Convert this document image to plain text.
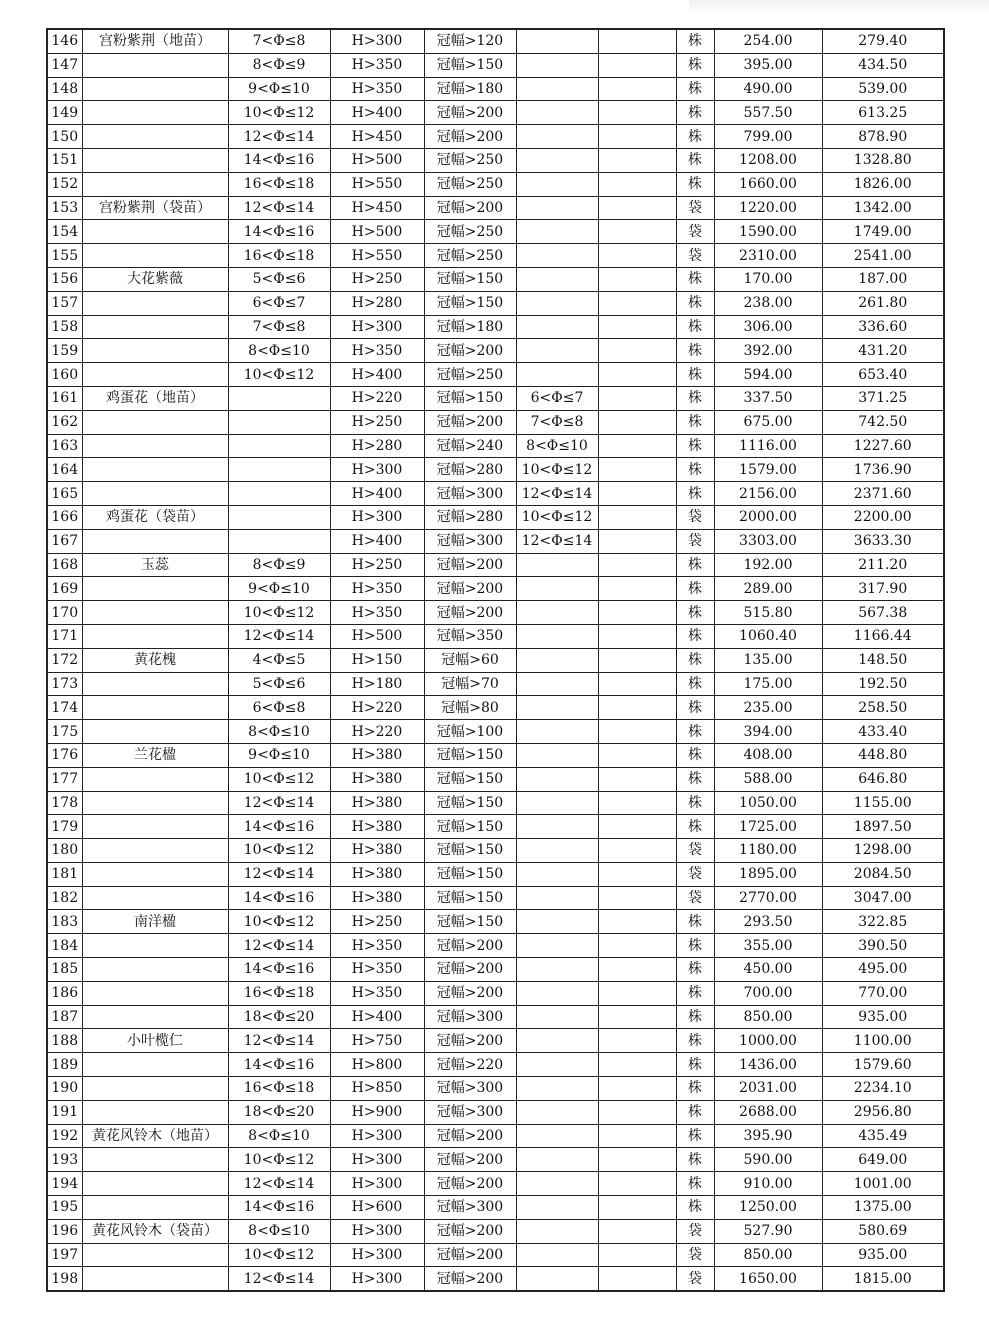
146	宫粉紫荆（地苗）	7<Φ≤8	H>300	冠幅>120			株	254.00	279.40
147		8<Φ≤9	H>350	冠幅>150			株	395.00	434.50
148		9<Φ≤10	H>350	冠幅>180			株	490.00	539.00
149		10<Φ≤12	H>400	冠幅>200			株	557.50	613.25
150		12<Φ≤14	H>450	冠幅>200			株	799.00	878.90
151		14<Φ≤16	H>500	冠幅>250			株	1208.00	1328.80
152		16<Φ≤18	H>550	冠幅>250			株	1660.00	1826.00
153	宫粉紫荆（袋苗）	12<Φ≤14	H>450	冠幅>200			袋	1220.00	1342.00
154		14<Φ≤16	H>500	冠幅>250			袋	1590.00	1749.00
155		16<Φ≤18	H>550	冠幅>250			袋	2310.00	2541.00
156	大花紫薇	5<Φ≤6	H>250	冠幅>150			株	170.00	187.00
157		6<Φ≤7	H>280	冠幅>150			株	238.00	261.80
158		7<Φ≤8	H>300	冠幅>180			株	306.00	336.60
159		8<Φ≤10	H>350	冠幅>200			株	392.00	431.20
160		10<Φ≤12	H>400	冠幅>250			株	594.00	653.40
161	鸡蛋花（地苗）		H>220	冠幅>150	6<Φ≤7		株	337.50	371.25
162			H>250	冠幅>200	7<Φ≤8		株	675.00	742.50
163			H>280	冠幅>240	8<Φ≤10		株	1116.00	1227.60
164			H>300	冠幅>280	10<Φ≤12		株	1579.00	1736.90
165			H>400	冠幅>300	12<Φ≤14		株	2156.00	2371.60
166	鸡蛋花（袋苗）		H>300	冠幅>280	10<Φ≤12		袋	2000.00	2200.00
167			H>400	冠幅>300	12<Φ≤14		袋	3303.00	3633.30
168	玉蕊	8<Φ≤9	H>250	冠幅>200			株	192.00	211.20
169		9<Φ≤10	H>350	冠幅>200			株	289.00	317.90
170		10<Φ≤12	H>350	冠幅>200			株	515.80	567.38
171		12<Φ≤14	H>500	冠幅>350			株	1060.40	1166.44
172	黄花槐	4<Φ≤5	H>150	冠幅>60			株	135.00	148.50
173		5<Φ≤6	H>180	冠幅>70			株	175.00	192.50
174		6<Φ≤8	H>220	冠幅>80			株	235.00	258.50
175		8<Φ≤10	H>220	冠幅>100			株	394.00	433.40
176	兰花楹	9<Φ≤10	H>380	冠幅>150			株	408.00	448.80
177		10<Φ≤12	H>380	冠幅>150			株	588.00	646.80
178		12<Φ≤14	H>380	冠幅>150			株	1050.00	1155.00
179		14<Φ≤16	H>380	冠幅>150			株	1725.00	1897.50
180		10<Φ≤12	H>380	冠幅>150			袋	1180.00	1298.00
181		12<Φ≤14	H>380	冠幅>150			袋	1895.00	2084.50
182		14<Φ≤16	H>380	冠幅>150			袋	2770.00	3047.00
183	南洋楹	10<Φ≤12	H>250	冠幅>150			株	293.50	322.85
184		12<Φ≤14	H>350	冠幅>200			株	355.00	390.50
185		14<Φ≤16	H>350	冠幅>200			株	450.00	495.00
186		16<Φ≤18	H>350	冠幅>200			株	700.00	770.00
187		18<Φ≤20	H>400	冠幅>300			株	850.00	935.00
188	小叶榄仁	12<Φ≤14	H>750	冠幅>200			株	1000.00	1100.00
189		14<Φ≤16	H>800	冠幅>220			株	1436.00	1579.60
190		16<Φ≤18	H>850	冠幅>300			株	2031.00	2234.10
191		18<Φ≤20	H>900	冠幅>300			株	2688.00	2956.80
192	黄花风铃木（地苗）	8<Φ≤10	H>300	冠幅>200			株	395.90	435.49
193		10<Φ≤12	H>300	冠幅>200			株	590.00	649.00
194		12<Φ≤14	H>300	冠幅>200			株	910.00	1001.00
195		14<Φ≤16	H>600	冠幅>300			株	1250.00	1375.00
196	黄花风铃木（袋苗）	8<Φ≤10	H>300	冠幅>200			袋	527.90	580.69
197		10<Φ≤12	H>300	冠幅>200			袋	850.00	935.00
198		12<Φ≤14	H>300	冠幅>200			袋	1650.00	1815.00
